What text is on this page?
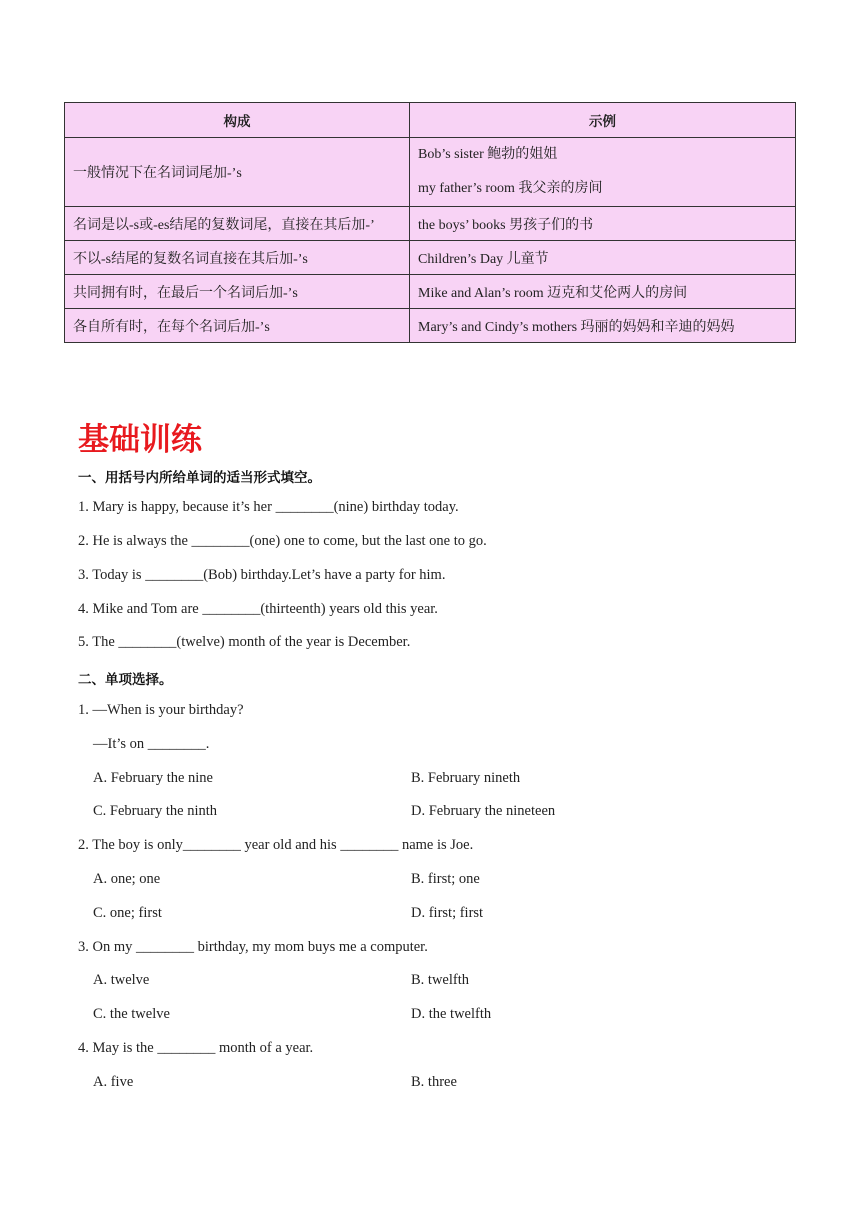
构成	示例
一般情况下在名词词尾加-’s	Bob’s sister 鲍勃的姐姐
my father’s room 我父亲的房间

名词是以-s或-es结尾的复数词尾，直接在其后加-’	the boys’ books 男孩子们的书
不以-s结尾的复数名词直接在其后加-’s	Children’s Day 儿童节
共同拥有时，在最后一个名词后加-’s	Mike and Alan’s room 迈克和艾伦两人的房间
各自所有时，在每个名词后加-’s	Mary’s and Cindy’s mothers 玛丽的妈妈和辛迪的妈妈
基础训练

一、用括号内所给单词的适当形式填空。

1. Mary is happy, because it’s her ________(nine) birthday today.

2. He is always the ________(one) one to come, but the last one to go.

3. Today is ________(Bob) birthday.Let’s have a party for him.

4. Mike and Tom are ________(thirteenth) years old this year.

5. The ________(twelve) month of the year is December.

二、单项选择。

1. —When is your birthday?

—It’s on ________.

A. February the nine	B. February nineth

C. February the ninth	D. February the nineteen

2. The boy is only________ year old and his ________ name is Joe.

A. one; one	B. first; one

C. one; first	D. first; first

3. On my ________ birthday, my mom buys me a computer.

A. twelve	B. twelfth

C. the twelve	D. the twelfth

4. May is the ________ month of a year.

A. five	B. three
